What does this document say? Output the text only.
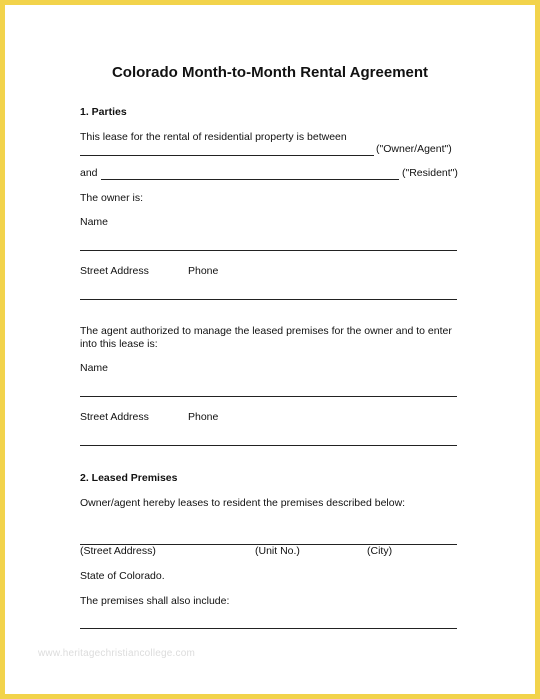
Colorado Month-to-Month Rental Agreement
1. Parties
This lease for the rental of residential property is between
("Owner/Agent")
and	("Resident")
The owner is:
Name
Street Address	Phone
The agent authorized to manage the leased premises for the owner and to enter into this lease is:
Name
Street Address	Phone
2. Leased Premises
Owner/agent hereby leases to resident the premises described below:
(Street Address)	(Unit No.)	(City)
State of Colorado.
The premises shall also include:
www.heritagechristiancollege.com
